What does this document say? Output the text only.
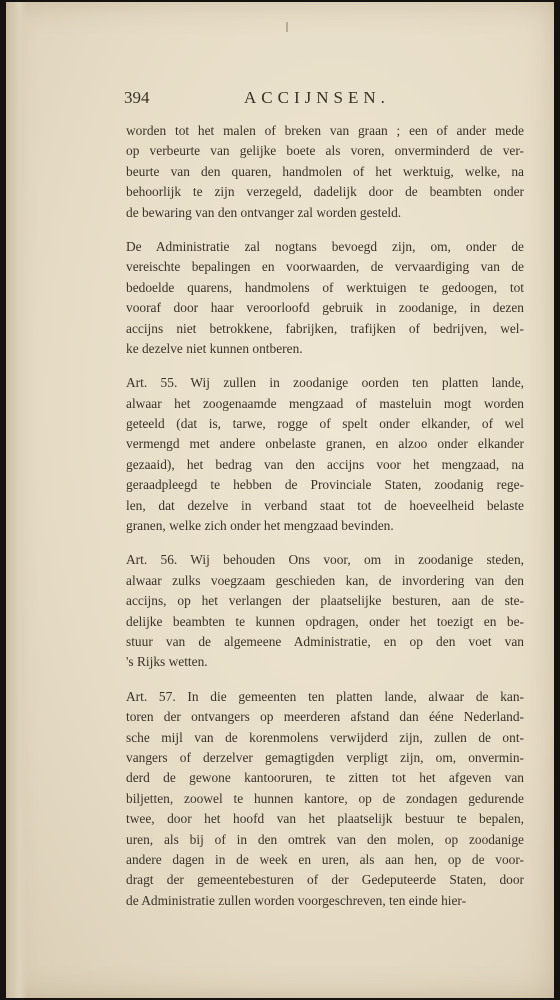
394	ACCIJNSEN.
worden tot het malen of breken van graan ; een of ander mede
op verbeurte van gelijke boete als voren, onverminderd de ver-
beurte van den quaren, handmolen of het werktuig, welke, na
behoorlijk te zijn verzegeld, dadelijk door de beambten onder
de bewaring van den ontvanger zal worden gesteld.
De Administratie zal nogtans bevoegd zijn, om, onder de
vereischte bepalingen en voorwaarden, de vervaardiging van de
bedoelde quarens, handmolens of werktuigen te gedoogen, tot
vooraf door haar veroorloofd gebruik in zoodanige, in dezen
accijns niet betrokkene, fabrijken, trafijken of bedrijven, wel-
ke dezelve niet kunnen ontberen.
Art. 55. Wij zullen in zoodanige oorden ten platten lande,
alwaar het zoogenaamde mengzaad of masteluin mogt worden
geteeld (dat is, tarwe, rogge of spelt onder elkander, of wel
vermengd met andere onbelaste granen, en alzoo onder elkander
gezaaid), het bedrag van den accijns voor het mengzaad, na
geraadpleegd te hebben de Provinciale Staten, zoodanig rege-
len, dat dezelve in verband staat tot de hoeveelheid belaste
granen, welke zich onder het mengzaad bevinden.
Art. 56. Wij behouden Ons voor, om in zoodanige steden,
alwaar zulks voegzaam geschieden kan, de invordering van den
accijns, op het verlangen der plaatselijke besturen, aan de ste-
delijke beambten te kunnen opdragen, onder het toezigt en be-
stuur van de algemeene Administratie, en op den voet van
's Rijks wetten.
Art. 57. In die gemeenten ten platten lande, alwaar de kan-
toren der ontvangers op meerderen afstand dan ééne Nederland-
sche mijl van de korenmolens verwijderd zijn, zullen de ont-
vangers of derzelver gemagtigden verpligt zijn, om, onvermin-
derd de gewone kantooruren, te zitten tot het afgeven van
biljetten, zoowel te hunnen kantore, op de zondagen gedurende
twee, door het hoofd van het plaatselijk bestuur te bepalen,
uren, als bij of in den omtrek van den molen, op zoodanige
andere dagen in de week en uren, als aan hen, op de voor-
dragt der gemeentebesturen of der Gedeputeerde Staten, door
de Administratie zullen worden voorgeschreven, ten einde hier-
